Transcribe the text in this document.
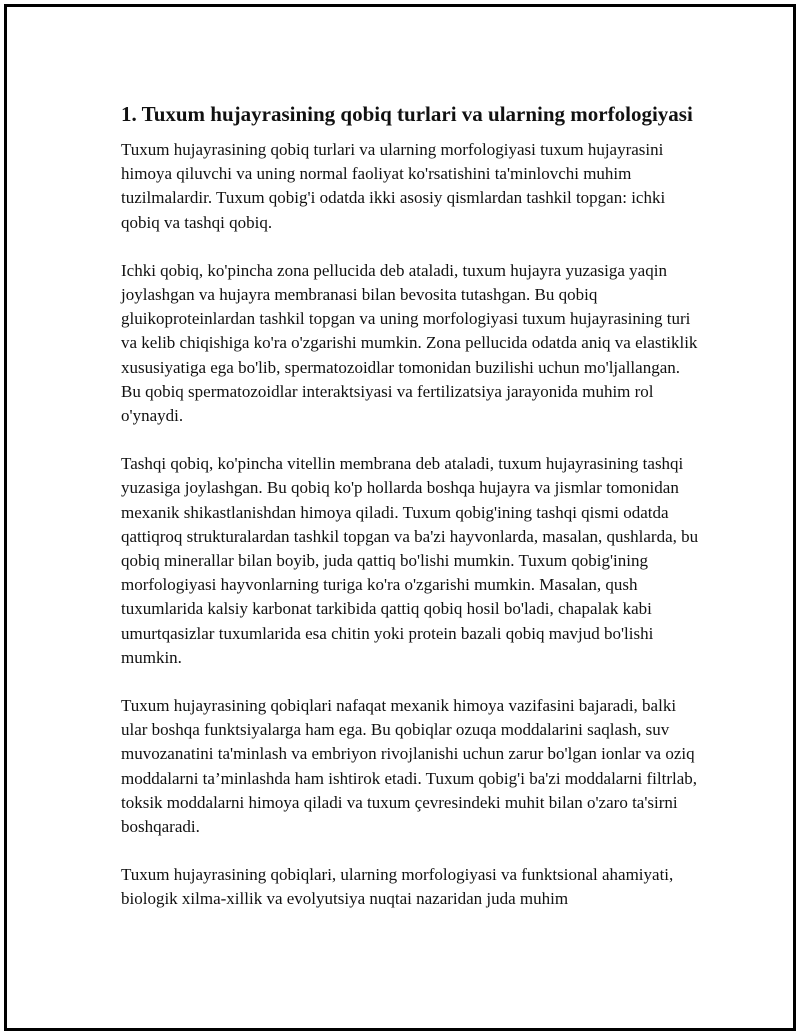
1. Tuxum hujayrasining qobiq turlari va ularning morfologiyasi

Tuxum hujayrasining qobiq turlari va ularning morfologiyasi tuxum hujayrasini himoya qiluvchi va uning normal faoliyat ko'rsatishini ta'minlovchi muhim tuzilmalardir. Tuxum qobig'i odatda ikki asosiy qismlardan tashkil topgan: ichki qobiq va tashqi qobiq.

Ichki qobiq, ko'pincha zona pellucida deb ataladi, tuxum hujayra yuzasiga yaqin joylashgan va hujayra membranasi bilan bevosita tutashgan. Bu qobiq gluikoproteinlardan tashkil topgan va uning morfologiyasi tuxum hujayrasining turi va kelib chiqishiga ko'ra o'zgarishi mumkin. Zona pellucida odatda aniq va elastiklik xususiyatiga ega bo'lib, spermatozoidlar tomonidan buzilishi uchun mo'ljallangan. Bu qobiq spermatozoidlar interaktsiyasi va fertilizatsiya jarayonida muhim rol o'ynaydi.

Tashqi qobiq, ko'pincha vitellin membrana deb ataladi, tuxum hujayrasining tashqi yuzasiga joylashgan. Bu qobiq ko'p hollarda boshqa hujayra va jismlar tomonidan mexanik shikastlanishdan himoya qiladi. Tuxum qobig'ining tashqi qismi odatda qattiqroq strukturalardan tashkil topgan va ba'zi hayvonlarda, masalan, qushlarda, bu qobiq minerallar bilan boyib, juda qattiq bo'lishi mumkin. Tuxum qobig'ining morfologiyasi hayvonlarning turiga ko'ra o'zgarishi mumkin. Masalan, qush tuxumlarida kalsiy karbonat tarkibida qattiq qobiq hosil bo'ladi, chapalak kabi umurtqasizlar tuxumlarida esa chitin yoki protein bazali qobiq mavjud bo'lishi mumkin.

Tuxum hujayrasining qobiqlari nafaqat mexanik himoya vazifasini bajaradi, balki ular boshqa funktsiyalarga ham ega. Bu qobiqlar ozuqa moddalarini saqlash, suv muvozanatini ta'minlash va embriyon rivojlanishi uchun zarur bo'lgan ionlar va oziq moddalarni ta’minlashda ham ishtirok etadi. Tuxum qobig'i ba'zi moddalarni filtrlab, toksik moddalarni himoya qiladi va tuxum çevresindeki muhit bilan o'zaro ta'sirni boshqaradi.

Tuxum hujayrasining qobiqlari, ularning morfologiyasi va funktsional ahamiyati, biologik xilma-xillik va evolyutsiya nuqtai nazaridan juda muhim
